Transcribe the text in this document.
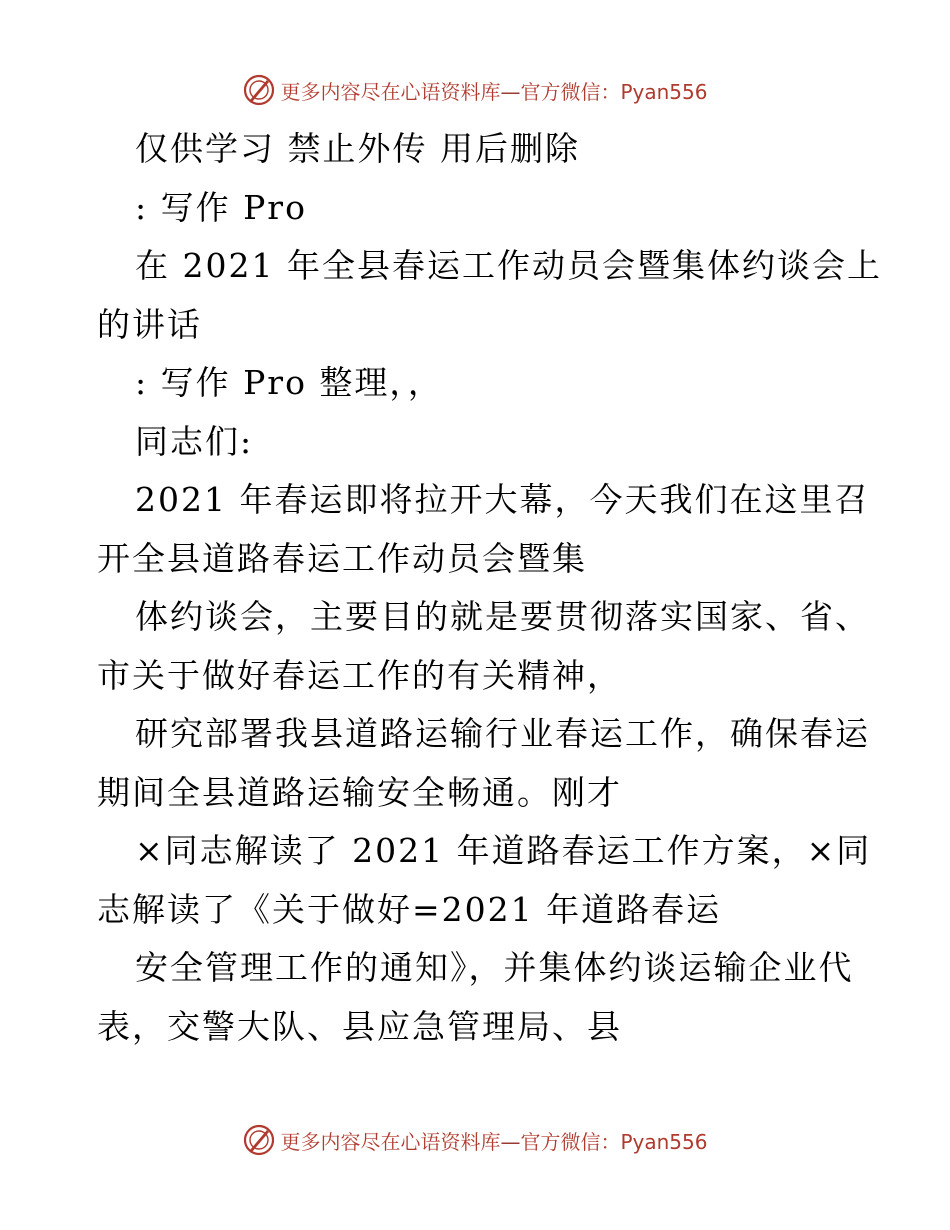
更多内容尽在心语资料库—官方微信：Pyan556
仅供学习 禁止外传 用后删除
: 写作 Pro
在 2021 年全县春运工作动员会暨集体约谈会上
的讲话
: 写作 Pro 整理，，
同志们:
2021 年春运即将拉开大幕，今天我们在这里召
开全县道路春运工作动员会暨集
体约谈会，主要目的就是要贯彻落实国家、省、
市关于做好春运工作的有关精神，
研究部署我县道路运输行业春运工作，确保春运
期间全县道路运输安全畅通。刚才
×同志解读了 2021 年道路春运工作方案，×同
志解读了《关于做好=2021 年道路春运
安全管理工作的通知》，并集体约谈运输企业代
表，交警大队、县应急管理局、县
更多内容尽在心语资料库—官方微信：Pyan556
